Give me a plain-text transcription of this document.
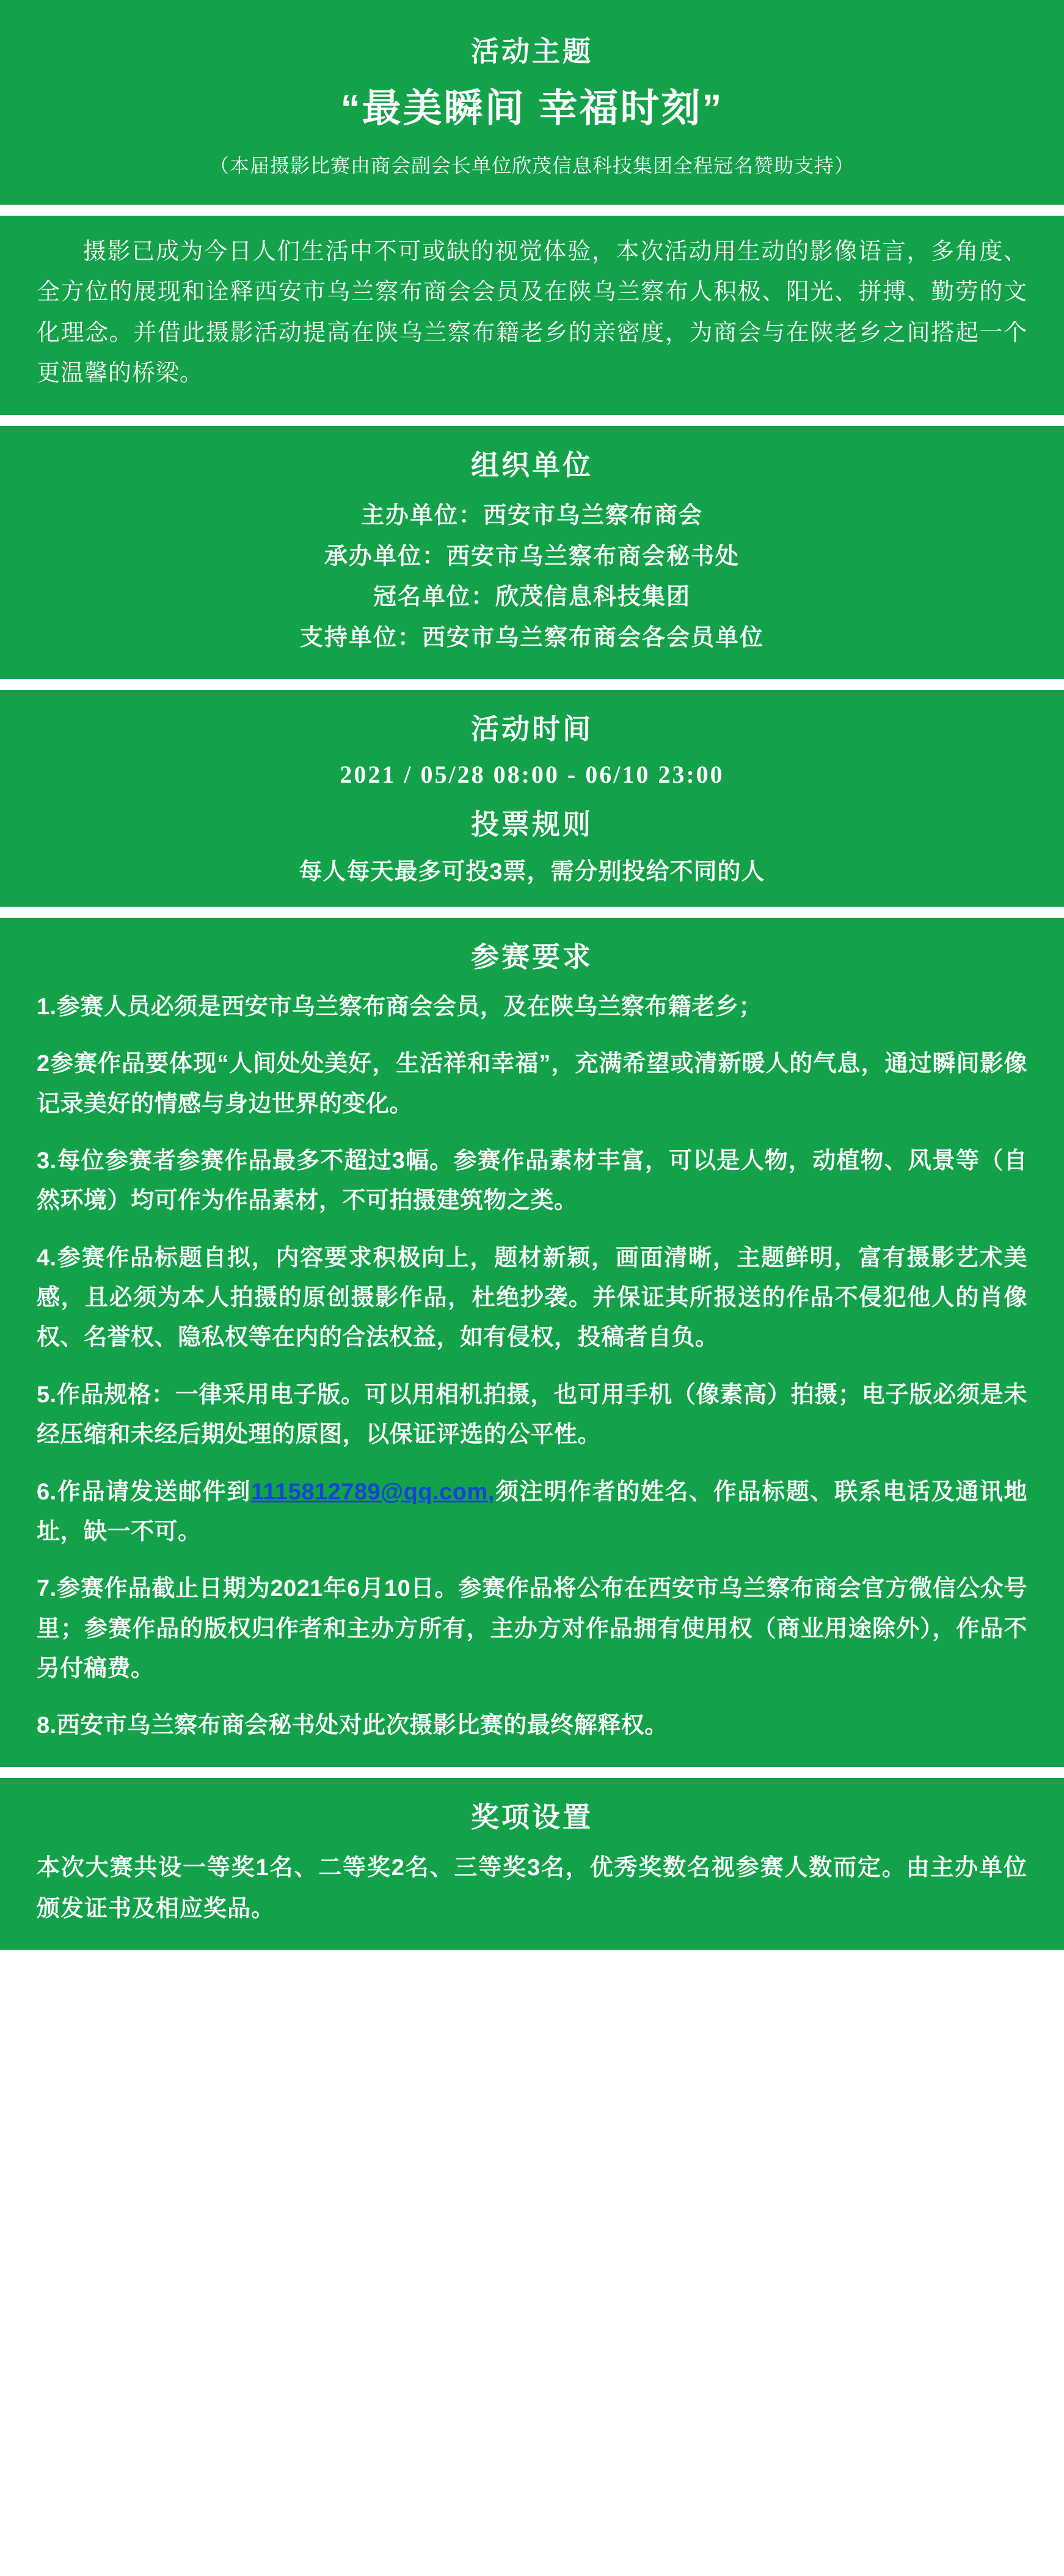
活动主题
“最美瞬间 幸福时刻”
（本届摄影比赛由商会副会长单位欣茂信息科技集团全程冠名赞助支持）

摄影已成为今日人们生活中不可或缺的视觉体验，本次活动用生动的影像语言，多角度、全方位的展现和诠释西安市乌兰察布商会会员及在陕乌兰察布人积极、阳光、拼搏、勤劳的文化理念。并借此摄影活动提高在陕乌兰察布籍老乡的亲密度，为商会与在陕老乡之间搭起一个更温馨的桥梁。

组织单位
主办单位：西安市乌兰察布商会
承办单位：西安市乌兰察布商会秘书处
冠名单位：欣茂信息科技集团
支持单位：西安市乌兰察布商会各会员单位
活动时间
2021 / 05/28 08:00 - 06/10 23:00
投票规则
每人每天最多可投3票，需分别投给不同的人
参赛要求
1.参赛人员必须是西安市乌兰察布商会会员，及在陕乌兰察布籍老乡；
2参赛作品要体现“人间处处美好，生活祥和幸福”，充满希望或清新暖人的气息，通过瞬间影像记录美好的情感与身边世界的变化。
3.每位参赛者参赛作品最多不超过3幅。参赛作品素材丰富，可以是人物，动植物、风景等（自然环境）均可作为作品素材，不可拍摄建筑物之类。
4.参赛作品标题自拟，内容要求积极向上，题材新颖，画面清晰，主题鲜明，富有摄影艺术美感，且必须为本人拍摄的原创摄影作品，杜绝抄袭。并保证其所报送的作品不侵犯他人的肖像权、名誉权、隐私权等在内的合法权益，如有侵权，投稿者自负。
5.作品规格：一律采用电子版。可以用相机拍摄，也可用手机（像素高）拍摄；电子版必须是未经压缩和未经后期处理的原图，以保证评选的公平性。
6.作品请发送邮件到1115812789@qq.com,须注明作者的姓名、作品标题、联系电话及通讯地址，缺一不可。
7.参赛作品截止日期为2021年6月10日。参赛作品将公布在西安市乌兰察布商会官方微信公众号里；参赛作品的版权归作者和主办方所有，主办方对作品拥有使用权（商业用途除外），作品不另付稿费。
8.西安市乌兰察布商会秘书处对此次摄影比赛的最终解释权。
奖项设置

本次大赛共设一等奖1名、二等奖2名、三等奖3名，优秀奖数名视参赛人数而定。由主办单位颁发证书及相应奖品。
